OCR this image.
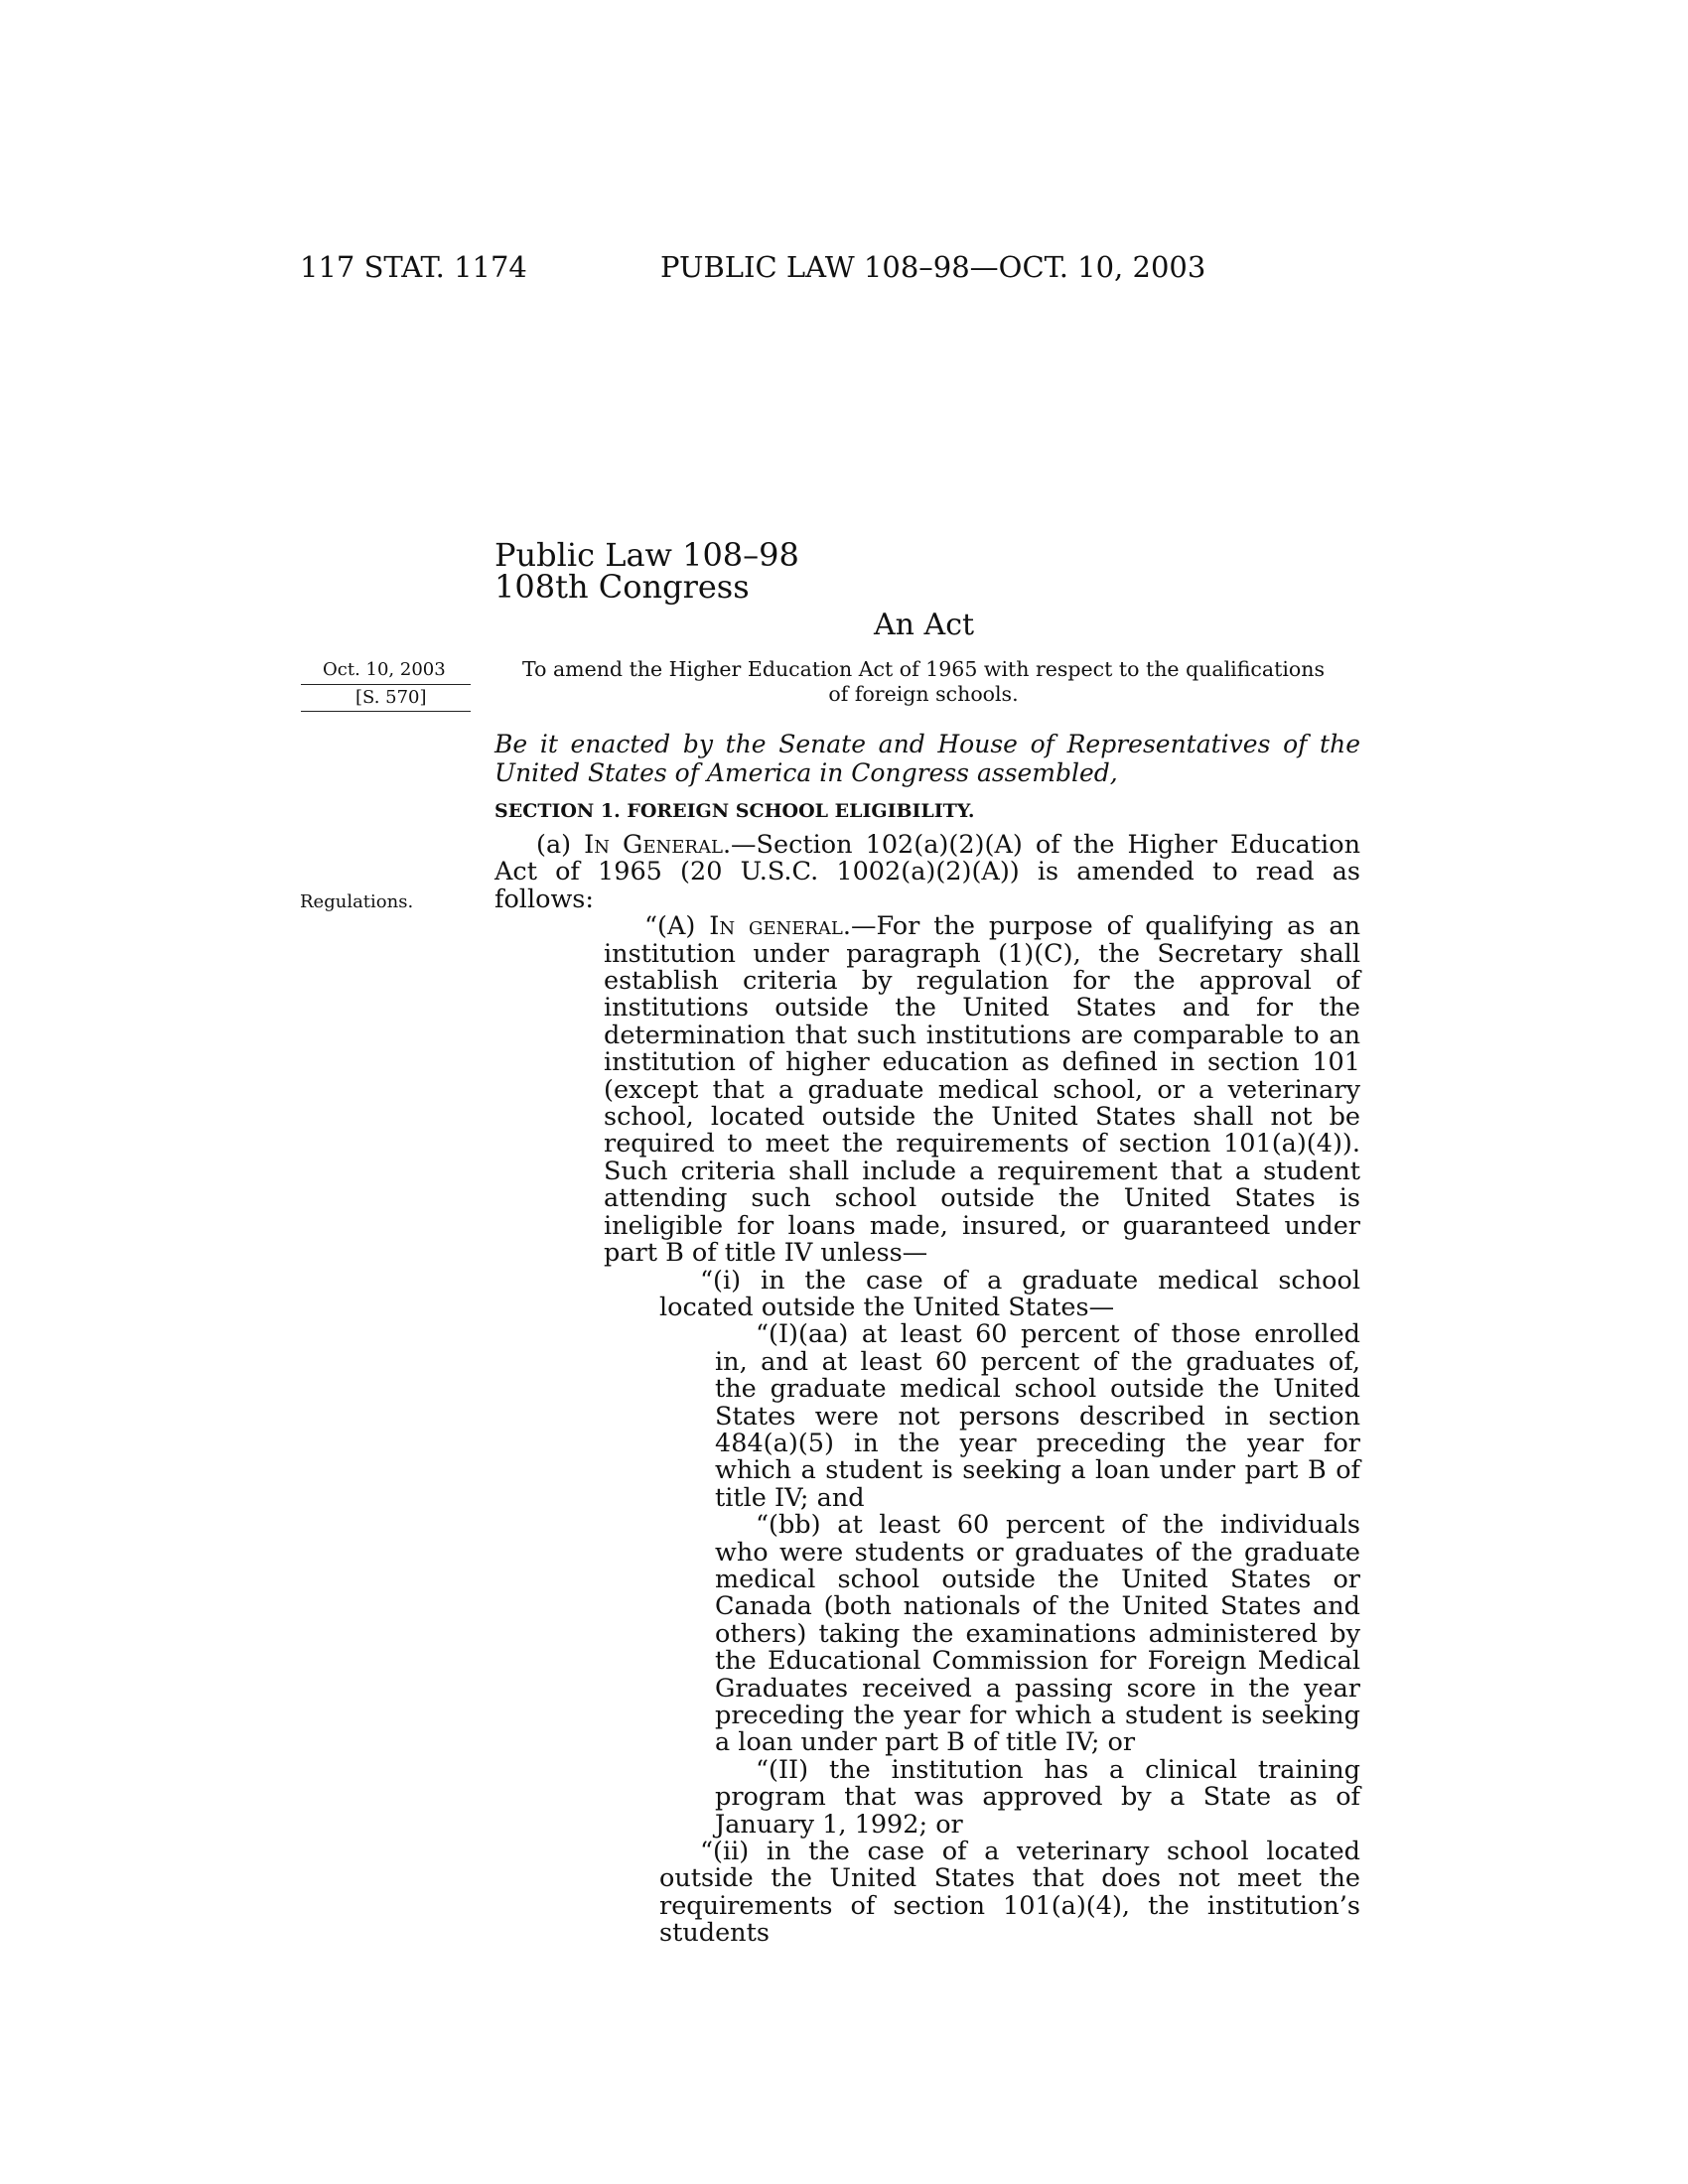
117 STAT. 1174	PUBLIC LAW 108–98—OCT. 10, 2003
Public Law 108–98
108th Congress
An Act
Oct. 10, 2003
[S. 570]
Regulations.
To amend the Higher Education Act of 1965 with respect to the qualifications
of foreign schools.
Be it enacted by the Senate and House of Representatives of the United States of America in Congress assembled,
SECTION 1. FOREIGN SCHOOL ELIGIBILITY.

(a) In General.—Section 102(a)(2)(A) of the Higher Education Act of 1965 (20 U.S.C. 1002(a)(2)(A)) is amended to read as follows:

“(A) In general.—For the purpose of qualifying as an institution under paragraph (1)(C), the Secretary shall establish criteria by regulation for the approval of institutions outside the United States and for the determination that such institutions are comparable to an institution of higher education as defined in section 101 (except that a graduate medical school, or a veterinary school, located outside the United States shall not be required to meet the requirements of section 101(a)(4)). Such criteria shall include a requirement that a student attending such school outside the United States is ineligible for loans made, insured, or guaranteed under part B of title IV unless—

“(i) in the case of a graduate medical school located outside the United States—

“(I)(aa) at least 60 percent of those enrolled in, and at least 60 percent of the graduates of, the graduate medical school outside the United States were not persons described in section 484(a)(5) in the year preceding the year for which a student is seeking a loan under part B of title IV; and

“(bb) at least 60 percent of the individuals who were students or graduates of the graduate medical school outside the United States or Canada (both nationals of the United States and others) taking the examinations administered by the Educational Commission for Foreign Medical Graduates received a passing score in the year preceding the year for which a student is seeking a loan under part B of title IV; or

“(II) the institution has a clinical training program that was approved by a State as of January 1, 1992; or

“(ii) in the case of a veterinary school located outside the United States that does not meet the requirements of section 101(a)(4), the institution’s students
